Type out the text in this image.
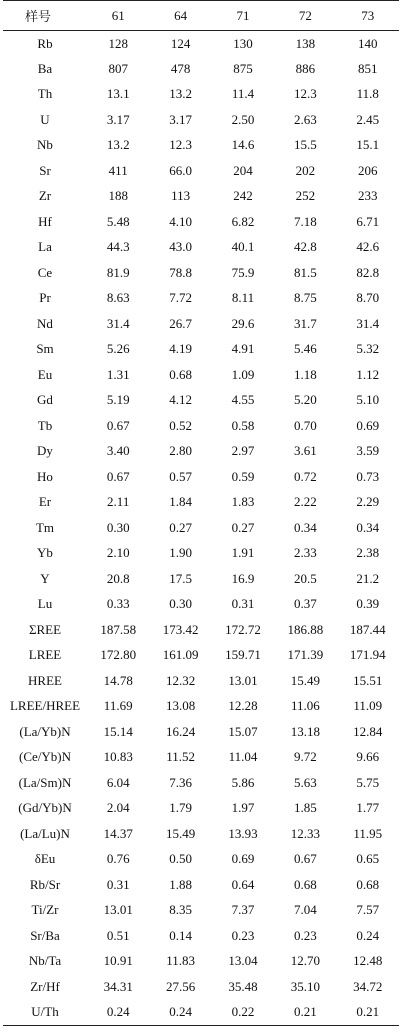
样号	61	64	71	72	73
Rb	128	124	130	138	140
Ba	807	478	875	886	851
Th	13.1	13.2	11.4	12.3	11.8
U	3.17	3.17	2.50	2.63	2.45
Nb	13.2	12.3	14.6	15.5	15.1
Sr	411	66.0	204	202	206
Zr	188	113	242	252	233
Hf	5.48	4.10	6.82	7.18	6.71
La	44.3	43.0	40.1	42.8	42.6
Ce	81.9	78.8	75.9	81.5	82.8
Pr	8.63	7.72	8.11	8.75	8.70
Nd	31.4	26.7	29.6	31.7	31.4
Sm	5.26	4.19	4.91	5.46	5.32
Eu	1.31	0.68	1.09	1.18	1.12
Gd	5.19	4.12	4.55	5.20	5.10
Tb	0.67	0.52	0.58	0.70	0.69
Dy	3.40	2.80	2.97	3.61	3.59
Ho	0.67	0.57	0.59	0.72	0.73
Er	2.11	1.84	1.83	2.22	2.29
Tm	0.30	0.27	0.27	0.34	0.34
Yb	2.10	1.90	1.91	2.33	2.38
Y	20.8	17.5	16.9	20.5	21.2
Lu	0.33	0.30	0.31	0.37	0.39
ΣREE	187.58	173.42	172.72	186.88	187.44
LREE	172.80	161.09	159.71	171.39	171.94
HREE	14.78	12.32	13.01	15.49	15.51
LREE/HREE	11.69	13.08	12.28	11.06	11.09
(La/Yb)N	15.14	16.24	15.07	13.18	12.84
(Ce/Yb)N	10.83	11.52	11.04	9.72	9.66
(La/Sm)N	6.04	7.36	5.86	5.63	5.75
(Gd/Yb)N	2.04	1.79	1.97	1.85	1.77
(La/Lu)N	14.37	15.49	13.93	12.33	11.95
δEu	0.76	0.50	0.69	0.67	0.65
Rb/Sr	0.31	1.88	0.64	0.68	0.68
Ti/Zr	13.01	8.35	7.37	7.04	7.57
Sr/Ba	0.51	0.14	0.23	0.23	0.24
Nb/Ta	10.91	11.83	13.04	12.70	12.48
Zr/Hf	34.31	27.56	35.48	35.10	34.72
U/Th	0.24	0.24	0.22	0.21	0.21
